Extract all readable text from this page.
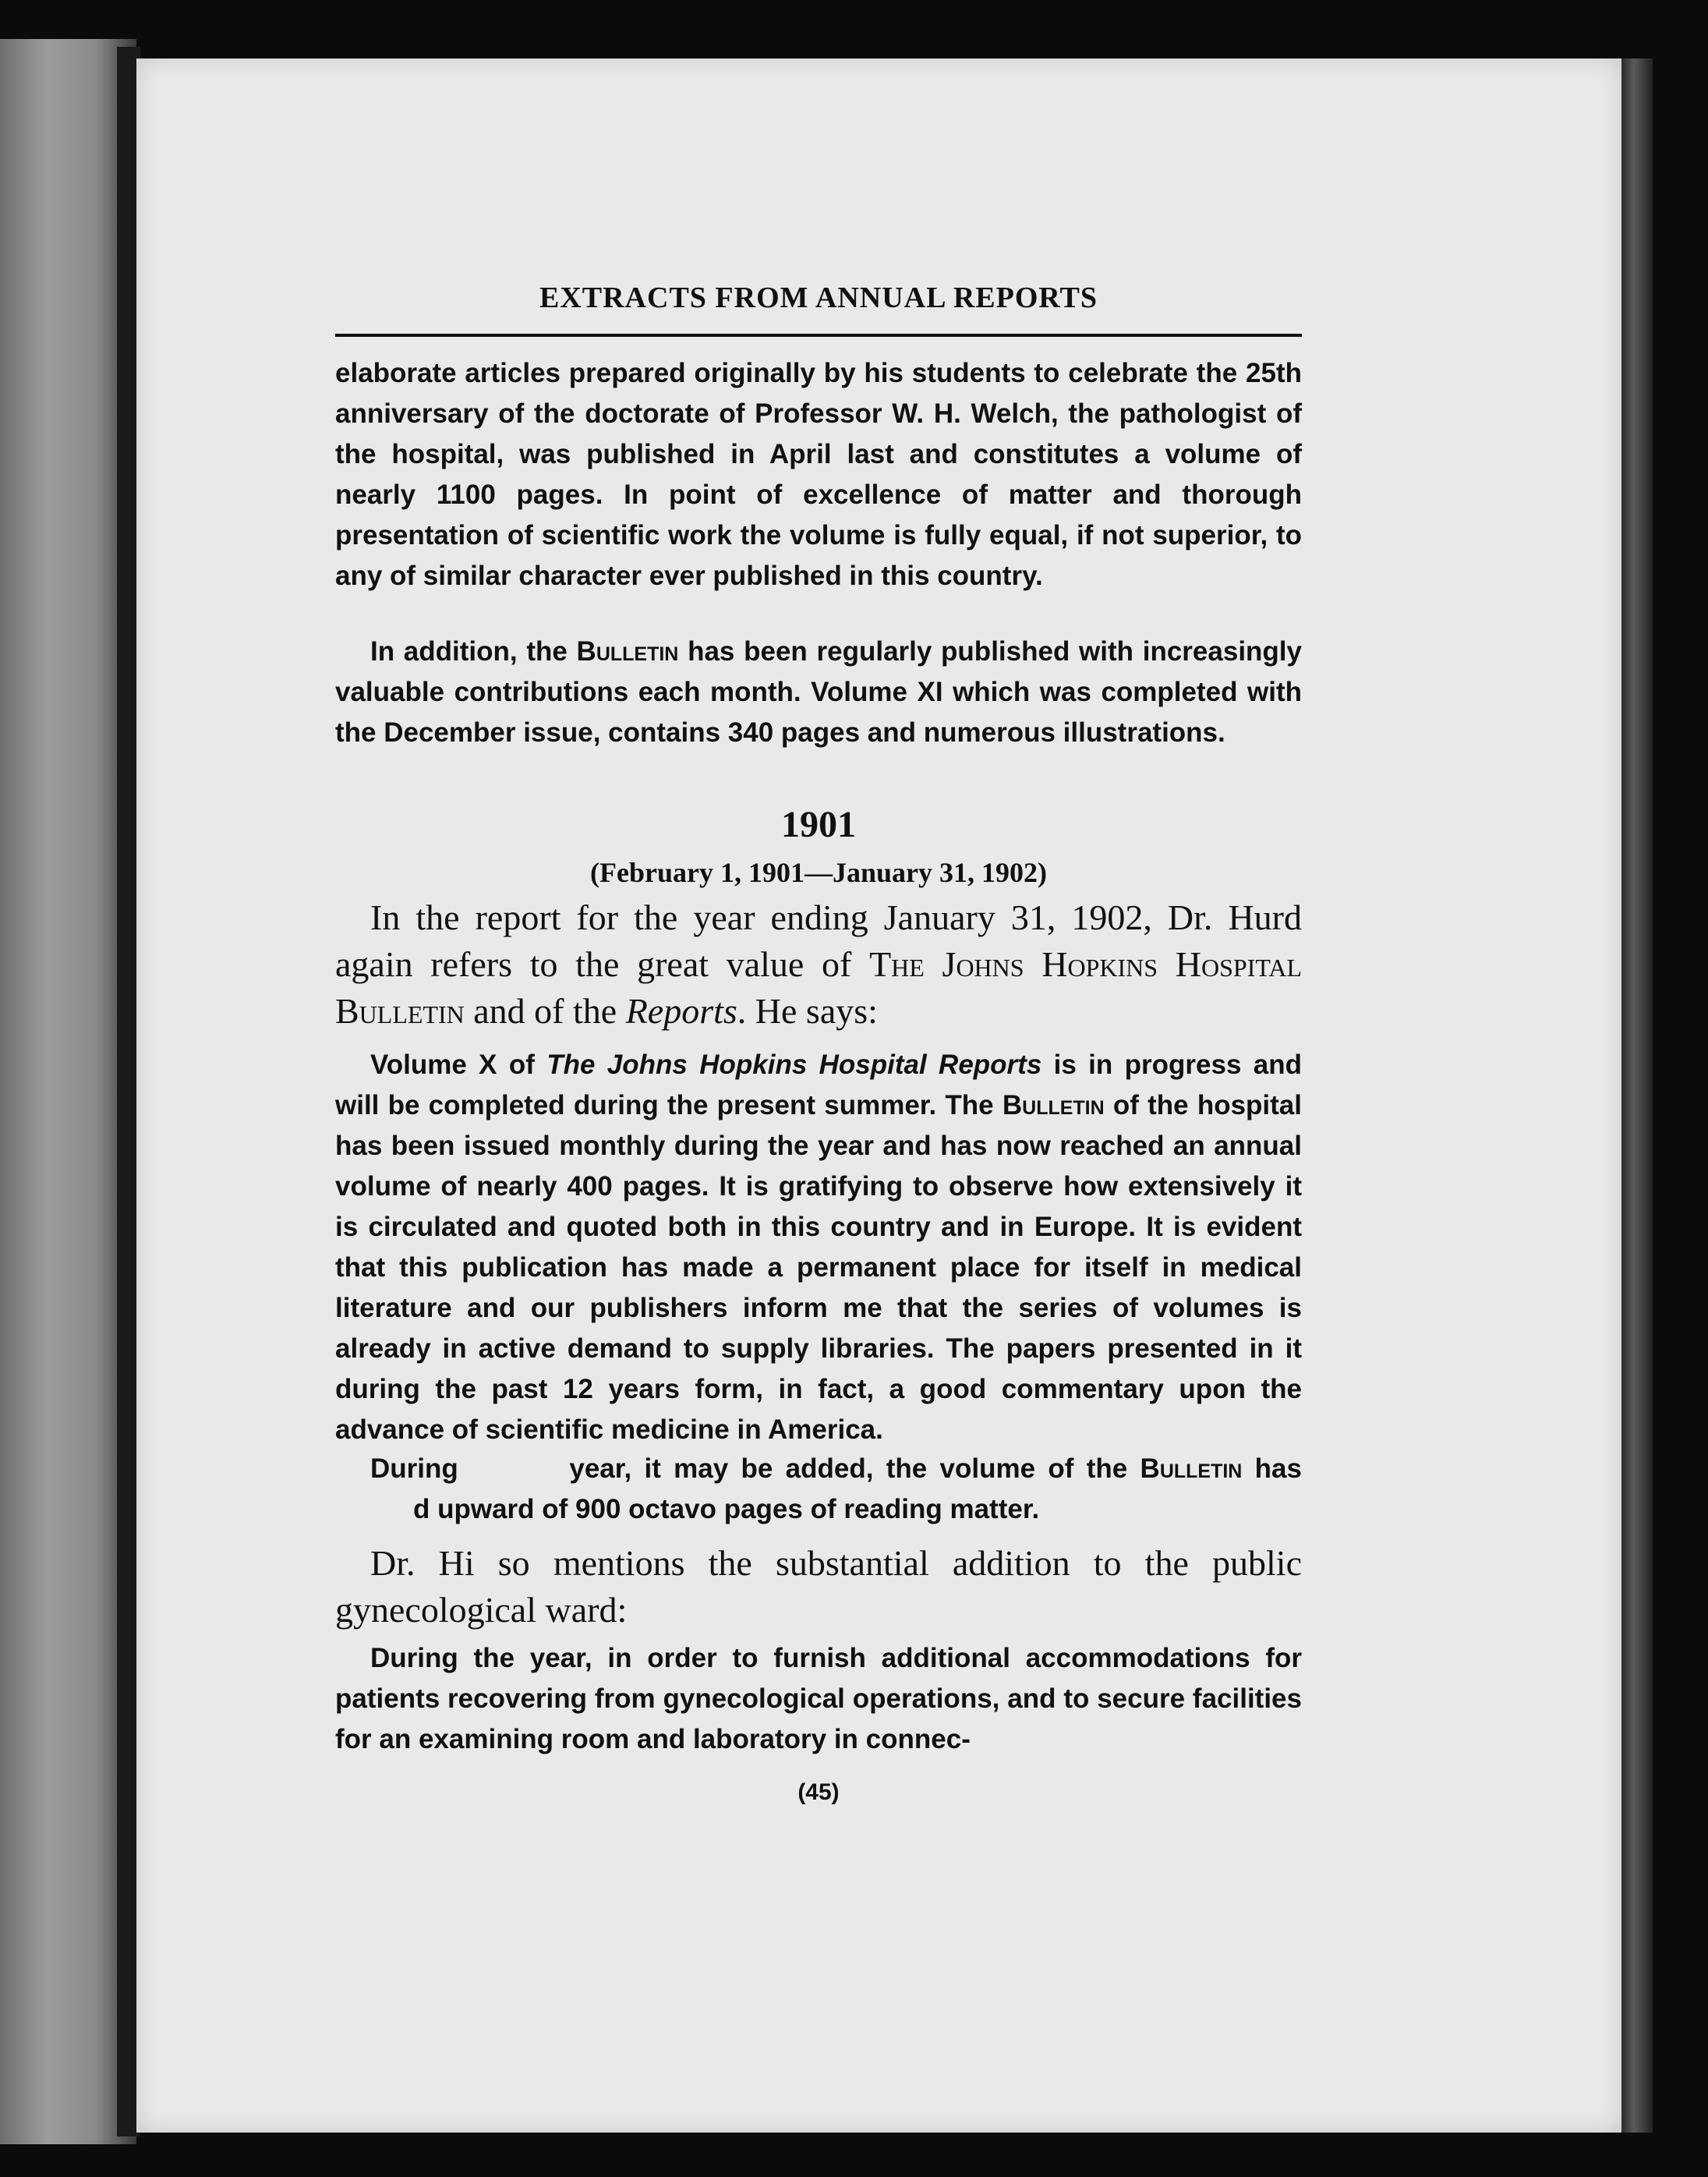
EXTRACTS FROM ANNUAL REPORTS

elaborate articles prepared originally by his students to celebrate the 25th anniversary of the doctorate of Professor W. H. Welch, the pathologist of the hospital, was published in April last and constitutes a volume of nearly 1100 pages. In point of excellence of matter and thorough presentation of scientific work the volume is fully equal, if not superior, to any of similar character ever published in this country.

In addition, the Bulletin has been regularly published with increasingly valuable contributions each month. Volume XI which was completed with the December issue, contains 340 pages and numerous illustrations.

1901
(February 1, 1901—January 31, 1902)

In the report for the year ending January 31, 1902, Dr. Hurd again refers to the great value of The Johns Hopkins Hospital Bulletin and of the Reports. He says:

Volume X of The Johns Hopkins Hospital Reports is in progress and will be completed during the present summer. The Bulletin of the hospital has been issued monthly during the year and has now reached an annual volume of nearly 400 pages. It is gratifying to observe how extensively it is circulated and quoted both in this country and in Europe. It is evident that this publication has made a permanent place for itself in medical literature and our publishers inform me that the series of volumes is already in active demand to supply libraries. The papers presented in it during the past 12 years form, in fact, a good commentary upon the advance of scientific medicine in America.

During	year, it may be added, the volume of the Bulletin has d upward of 900 octavo pages of reading matter.

Dr. Hi so mentions the substantial addition to the public gynecological ward:

During the year, in order to furnish additional accommodations for patients recovering from gynecological operations, and to secure facilities for an examining room and laboratory in connec-

(45)
